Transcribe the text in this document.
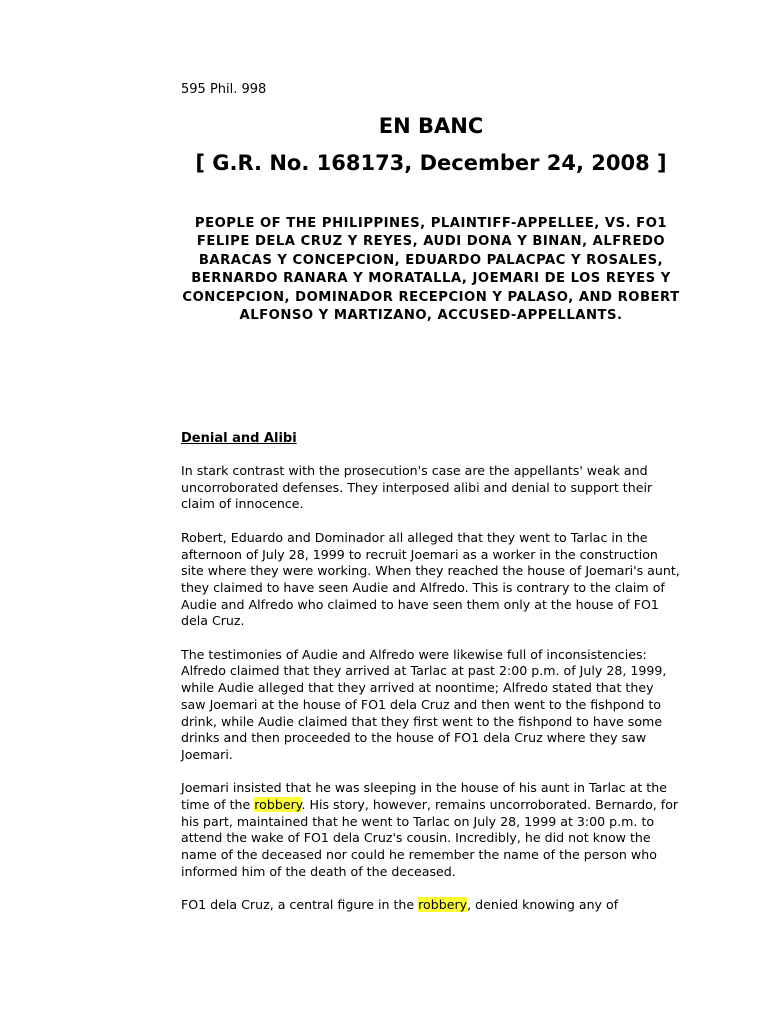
595 Phil. 998
EN BANC
[ G.R. No. 168173, December 24, 2008 ]
PEOPLE OF THE PHILIPPINES, PLAINTIFF-APPELLEE, VS. FO1 FELIPE DELA CRUZ Y REYES, AUDI DONA Y BINAN, ALFREDO BARACAS Y CONCEPCION, EDUARDO PALACPAC Y ROSALES, BERNARDO RANARA Y MORATALLA, JOEMARI DE LOS REYES Y CONCEPCION, DOMINADOR RECEPCION Y PALASO, AND ROBERT ALFONSO Y MARTIZANO, ACCUSED-APPELLANTS.
Denial and Alibi

In stark contrast with the prosecution's case are the appellants' weak and uncorroborated defenses. They interposed alibi and denial to support their claim of innocence.

Robert, Eduardo and Dominador all alleged that they went to Tarlac in the afternoon of July 28, 1999 to recruit Joemari as a worker in the construction site where they were working. When they reached the house of Joemari's aunt, they claimed to have seen Audie and Alfredo. This is contrary to the claim of Audie and Alfredo who claimed to have seen them only at the house of FO1 dela Cruz.

The testimonies of Audie and Alfredo were likewise full of inconsistencies: Alfredo claimed that they arrived at Tarlac at past 2:00 p.m. of July 28, 1999, while Audie alleged that they arrived at noontime; Alfredo stated that they saw Joemari at the house of FO1 dela Cruz and then went to the fishpond to drink, while Audie claimed that they first went to the fishpond to have some drinks and then proceeded to the house of FO1 dela Cruz where they saw Joemari.

Joemari insisted that he was sleeping in the house of his aunt in Tarlac at the time of the robbery. His story, however, remains uncorroborated. Bernardo, for his part, maintained that he went to Tarlac on July 28, 1999 at 3:00 p.m. to attend the wake of FO1 dela Cruz's cousin. Incredibly, he did not know the name of the deceased nor could he remember the name of the person who informed him of the death of the deceased.

FO1 dela Cruz, a central figure in the robbery, denied knowing any of
